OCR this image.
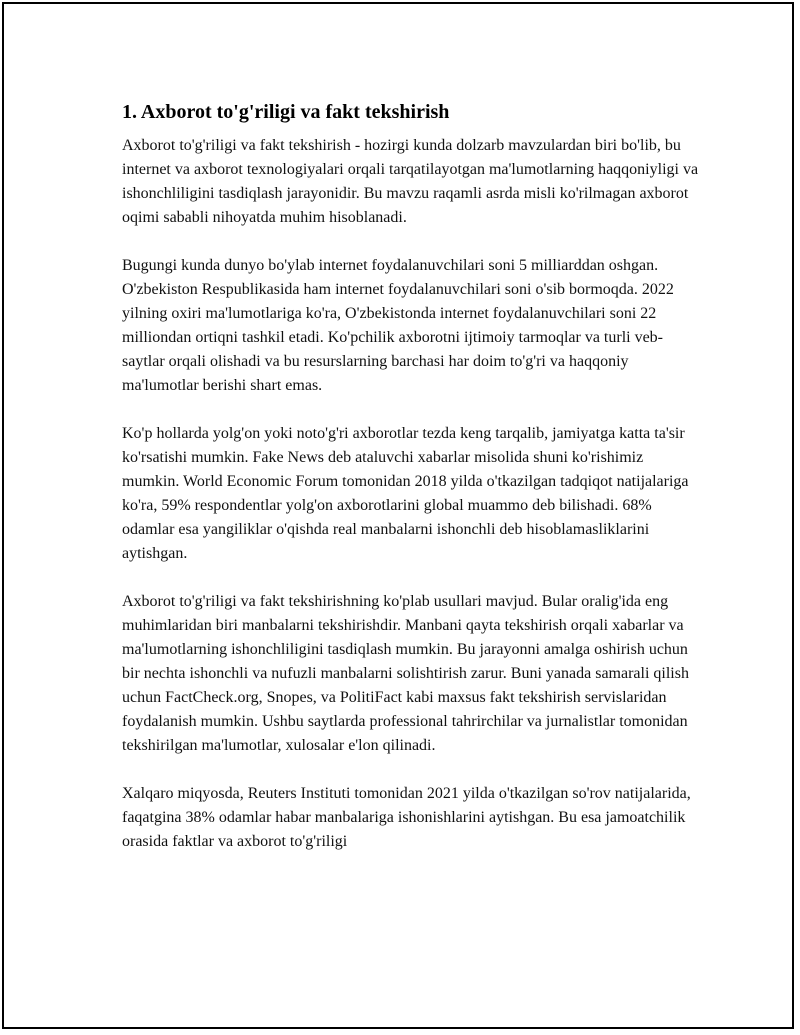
1. Axborot to'g'riligi va fakt tekshirish

Axborot to'g'riligi va fakt tekshirish - hozirgi kunda dolzarb mavzulardan biri bo'lib, bu internet va axborot texnologiyalari orqali tarqatilayotgan ma'lumotlarning haqqoniyligi va ishonchliligini tasdiqlash jarayonidir. Bu mavzu raqamli asrda misli ko'rilmagan axborot oqimi sababli nihoyatda muhim hisoblanadi.

Bugungi kunda dunyo bo'ylab internet foydalanuvchilari soni 5 milliarddan oshgan. O'zbekiston Respublikasida ham internet foydalanuvchilari soni o'sib bormoqda. 2022 yilning oxiri ma'lumotlariga ko'ra, O'zbekistonda internet foydalanuvchilari soni 22 milliondan ortiqni tashkil etadi. Ko'pchilik axborotni ijtimoiy tarmoqlar va turli veb-saytlar orqali olishadi va bu resurslarning barchasi har doim to'g'ri va haqqoniy ma'lumotlar berishi shart emas.

Ko'p hollarda yolg'on yoki noto'g'ri axborotlar tezda keng tarqalib, jamiyatga katta ta'sir ko'rsatishi mumkin. Fake News deb ataluvchi xabarlar misolida shuni ko'rishimiz mumkin. World Economic Forum tomonidan 2018 yilda o'tkazilgan tadqiqot natijalariga ko'ra, 59% respondentlar yolg'on axborotlarini global muammo deb bilishadi. 68% odamlar esa yangiliklar o'qishda real manbalarni ishonchli deb hisoblamasliklarini aytishgan.

Axborot to'g'riligi va fakt tekshirishning ko'plab usullari mavjud. Bular oralig'ida eng muhimlaridan biri manbalarni tekshirishdir. Manbani qayta tekshirish orqali xabarlar va ma'lumotlarning ishonchliligini tasdiqlash mumkin. Bu jarayonni amalga oshirish uchun bir nechta ishonchli va nufuzli manbalarni solishtirish zarur. Buni yanada samarali qilish uchun FactCheck.org, Snopes, va PolitiFact kabi maxsus fakt tekshirish servislaridan foydalanish mumkin. Ushbu saytlarda professional tahrirchilar va jurnalistlar tomonidan tekshirilgan ma'lumotlar, xulosalar e'lon qilinadi.

Xalqaro miqyosda, Reuters Instituti tomonidan 2021 yilda o'tkazilgan so'rov natijalarida, faqatgina 38% odamlar habar manbalariga ishonishlarini aytishgan. Bu esa jamoatchilik orasida faktlar va axborot to'g'riligi
